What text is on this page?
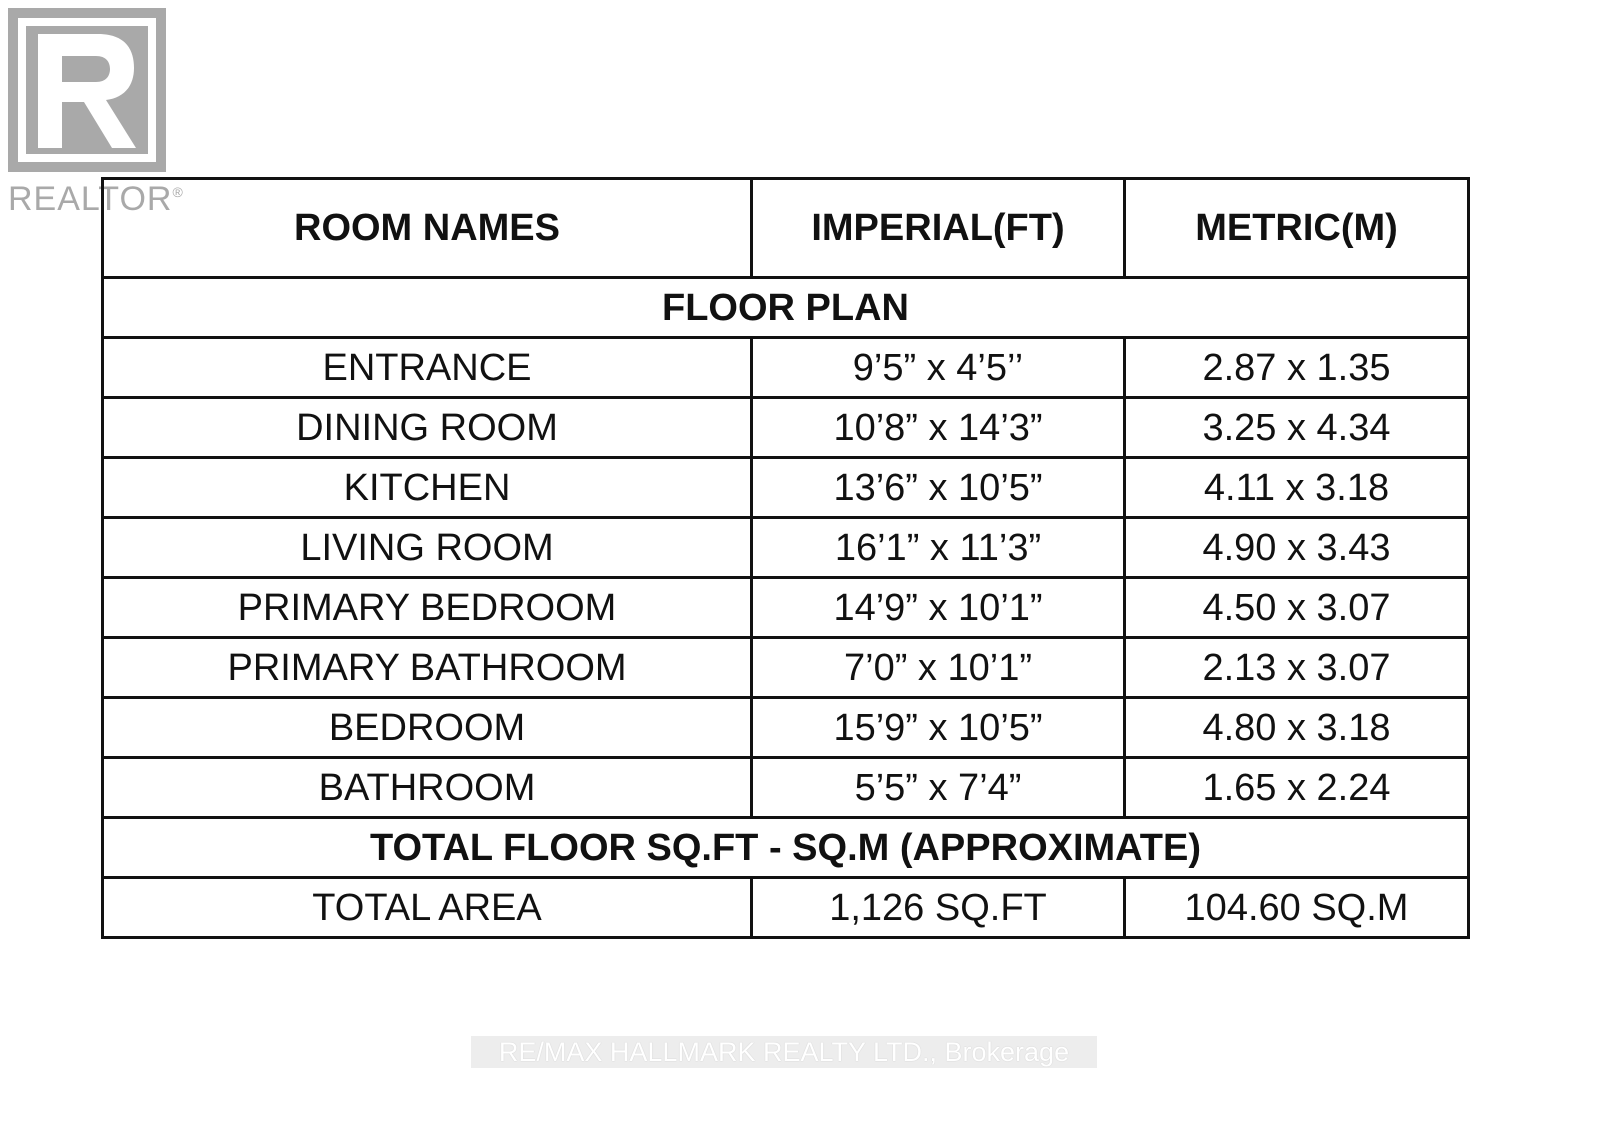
REALTOR®
ROOM NAMES	IMPERIAL(FT)	METRIC(M)
FLOOR PLAN		
ENTRANCE	9’5” x 4’5’’	2.87 x 1.35
DINING ROOM	10’8” x 14’3”	3.25 x 4.34
KITCHEN	13’6” x 10’5”	4.11 x 3.18
LIVING ROOM	16’1” x 11’3”	4.90 x 3.43
PRIMARY BEDROOM	14’9” x 10’1”	4.50 x 3.07
PRIMARY BATHROOM	7’0” x 10’1”	2.13 x 3.07
BEDROOM	15’9” x 10’5”	4.80 x 3.18
BATHROOM	5’5” x 7’4”	1.65 x 2.24
TOTAL FLOOR SQ.FT - SQ.M (APPROXIMATE)		
TOTAL AREA	1,126 SQ.FT	104.60 SQ.M
RE/MAX HALLMARK REALTY LTD., Brokerage
